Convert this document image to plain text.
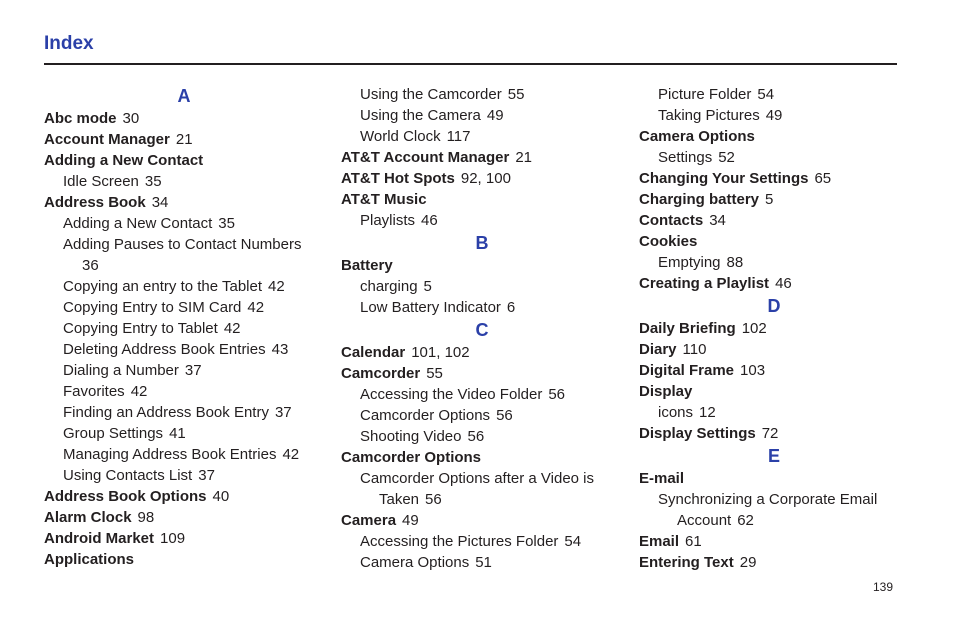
Index
A
Abc mode 30
Account Manager 21
Adding a New Contact
Idle Screen 35
Address Book 34
Adding a New Contact 35
Adding Pauses to Contact Numbers
36
Copying an entry to the Tablet 42
Copying Entry to SIM Card 42
Copying Entry to Tablet 42
Deleting Address Book Entries 43
Dialing a Number 37
Favorites 42
Finding an Address Book Entry 37
Group Settings 41
Managing Address Book Entries 42
Using Contacts List 37
Address Book Options 40
Alarm Clock 98
Android Market 109
Applications
Using the Camcorder 55
Using the Camera 49
World Clock 117
AT&T Account Manager 21
AT&T Hot Spots 92, 100
AT&T Music
Playlists 46
B
Battery
charging 5
Low Battery Indicator 6
C
Calendar 101, 102
Camcorder 55
Accessing the Video Folder 56
Camcorder Options 56
Shooting Video 56
Camcorder Options
Camcorder Options after a Video is
Taken 56
Camera 49
Accessing the Pictures Folder 54
Camera Options 51
Picture Folder 54
Taking Pictures 49
Camera Options
Settings 52
Changing Your Settings 65
Charging battery 5
Contacts 34
Cookies
Emptying 88
Creating a Playlist 46
D
Daily Briefing 102
Diary 110
Digital Frame 103
Display
icons 12
Display Settings 72
E
E-mail
Synchronizing a Corporate Email
Account 62
Email 61
Entering Text 29
139
